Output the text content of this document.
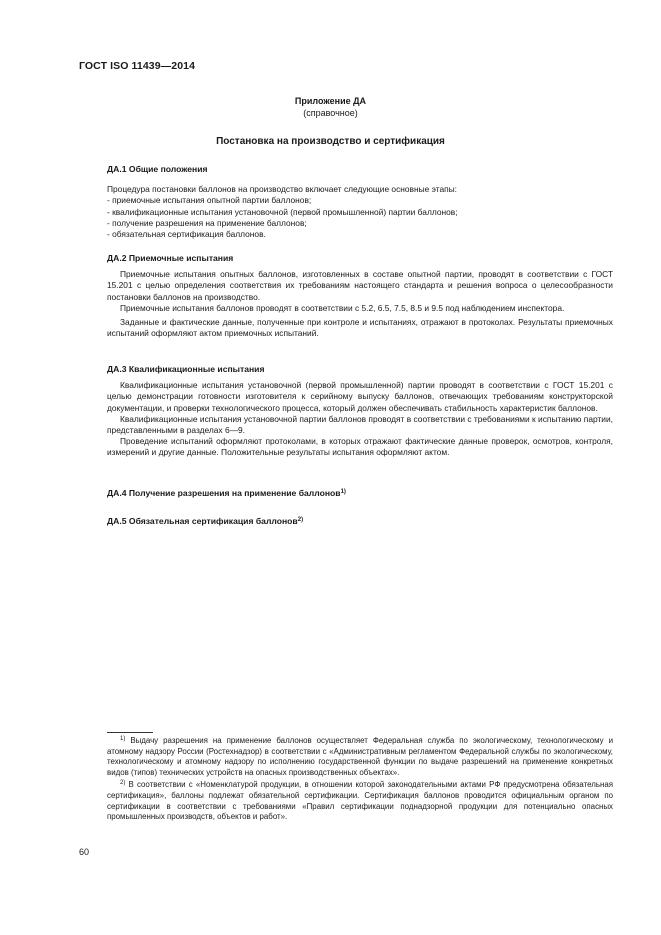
ГОСТ ISO 11439—2014
Приложение ДА
(справочное)
Постановка на производство и сертификация
ДА.1 Общие положения

Процедура постановки баллонов на производство включает следующие основные этапы:

- приемочные испытания опытной партии баллонов;
- квалификационные испытания установочной (первой промышленной) партии баллонов;
- получение разрешения на применение баллонов;
- обязательная сертификация баллонов.
ДА.2 Приемочные испытания

Приемочные испытания опытных баллонов, изготовленных в составе опытной партии, проводят в соответствии с ГОСТ 15.201 с целью определения соответствия их требованиям настоящего стандарта и решения вопроса о целесообразности постановки баллонов на производство.

Приемочные испытания баллонов проводят в соответствии с 5.2, 6.5, 7.5, 8.5 и 9.5 под наблюдением инспектора.

Заданные и фактические данные, полученные при контроле и испытаниях, отражают в протоколах. Результаты приемочных испытаний оформляют актом приемочных испытаний.

ДА.3 Квалификационные испытания

Квалификационные испытания установочной (первой промышленной) партии проводят в соответствии с ГОСТ 15.201 с целью демонстрации готовности изготовителя к серийному выпуску баллонов, отвечающих требованиям конструкторской документации, и проверки технологического процесса, который должен обеспечивать стабильность характеристик баллонов.

Квалификационные испытания установочной партии баллонов проводят в соответствии с требованиями к испытанию партии, представленными в разделах 6—9.

Проведение испытаний оформляют протоколами, в которых отражают фактические данные проверок, осмотров, контроля, измерений и другие данные. Положительные результаты испытания оформляют актом.

ДА.4 Получение разрешения на применение баллонов$^{1)}$
ДА.5 Обязательная сертификация баллонов$^{2)}$

$^{1)}$ Выдачу разрешения на применение баллонов осуществляет Федеральная служба по экологическому, технологическому и атомному надзору России (Ростехнадзор) в соответствии с «Административным регламентом Федеральной службы по экологическому, технологическому и атомному надзору по исполнению государственной функции по выдаче разрешений на применение конкретных видов (типов) технических устройств на опасных производственных объектах».

$^{2)}$ В соответствии с «Номенклатурой продукции, в отношении которой законодательными актами РФ предусмотрена обязательная сертификация», баллоны подлежат обязательной сертификации. Сертификация баллонов проводится официальным органом по сертификации в соответствии с требованиями «Правил сертификации поднадзорной продукции для потенциально опасных промышленных производств, объектов и работ».

60
